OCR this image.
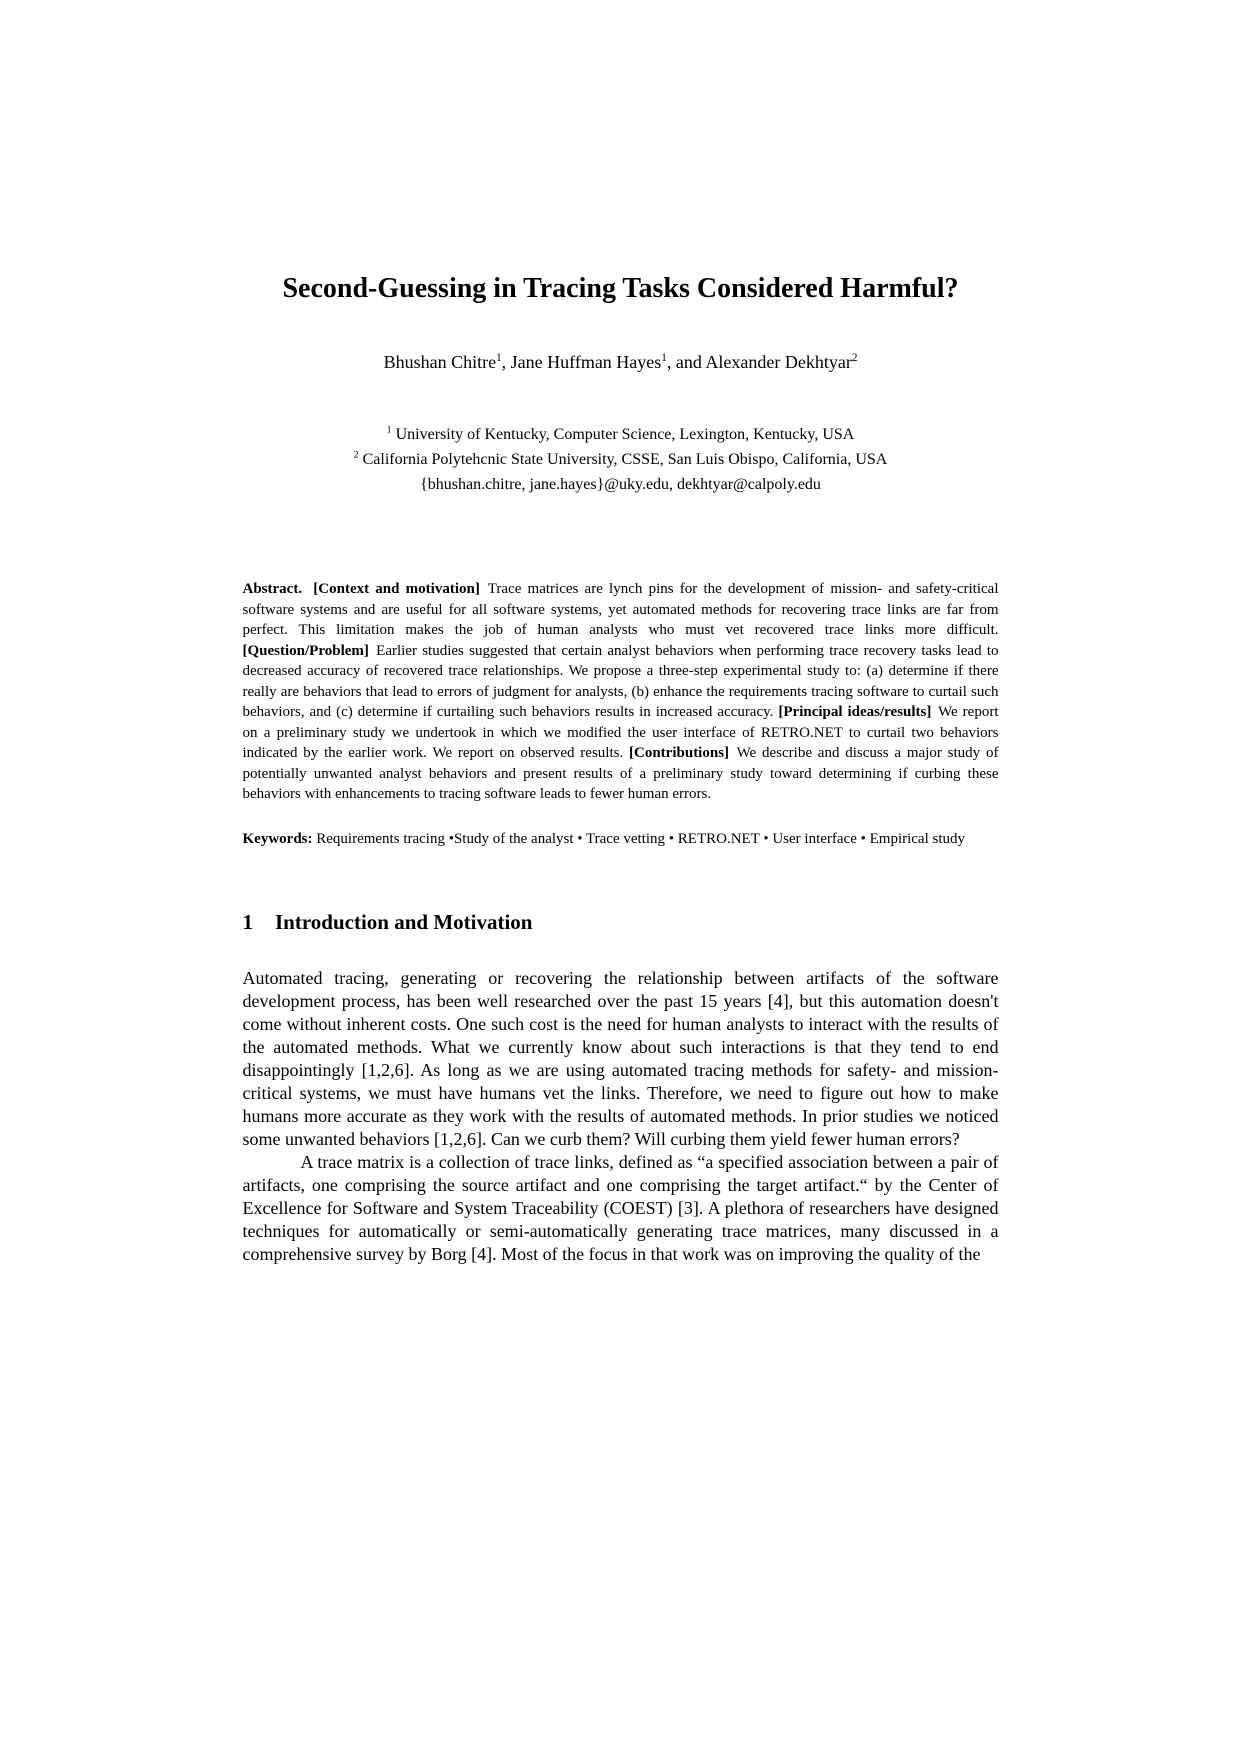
Second-Guessing in Tracing Tasks Considered Harmful?
Bhushan Chitre$^1$, Jane Huffman Hayes$^1$, and Alexander Dekhtyar$^2$
$^1$ University of Kentucky, Computer Science, Lexington, Kentucky, USA
$^2$ California Polytehcnic State University, CSSE, San Luis Obispo, California, USA
{bhushan.chitre, jane.hayes}@uky.edu, dekhtyar@calpoly.edu

Abstract. [Context and motivation] Trace matrices are lynch pins for the development of mission- and safety-critical software systems and are useful for all software systems, yet automated methods for recovering trace links are far from perfect. This limitation makes the job of human analysts who must vet recovered trace links more difficult. [Question/Problem] Earlier studies suggested that certain analyst behaviors when performing trace recovery tasks lead to decreased accuracy of recovered trace relationships. We propose a three-step experimental study to: (a) determine if there really are behaviors that lead to errors of judgment for analysts, (b) enhance the requirements tracing software to curtail such behaviors, and (c) determine if curtailing such behaviors results in increased accuracy. [Principal ideas/results] We report on a preliminary study we undertook in which we modified the user interface of RETRO.NET to curtail two behaviors indicated by the earlier work. We report on observed results. [Contributions] We describe and discuss a major study of potentially unwanted analyst behaviors and present results of a preliminary study toward determining if curbing these behaviors with enhancements to tracing software leads to fewer human errors.

Keywords: Requirements tracing •Study of the analyst • Trace vetting • RETRO.NET • User interface • Empirical study

1 Introduction and Motivation

Automated tracing, generating or recovering the relationship between artifacts of the software development process, has been well researched over the past 15 years [4], but this automation doesn't come without inherent costs. One such cost is the need for human analysts to interact with the results of the automated methods. What we currently know about such interactions is that they tend to end disappointingly [1,2,6]. As long as we are using automated tracing methods for safety- and mission-critical systems, we must have humans vet the links. Therefore, we need to figure out how to make humans more accurate as they work with the results of automated methods. In prior studies we noticed some unwanted behaviors [1,2,6]. Can we curb them? Will curbing them yield fewer human errors?

A trace matrix is a collection of trace links, defined as “a specified association between a pair of artifacts, one comprising the source artifact and one comprising the target artifact.“ by the Center of Excellence for Software and System Traceability (COEST) [3]. A plethora of researchers have designed techniques for automatically or semi-automatically generating trace matrices, many discussed in a comprehensive survey by Borg [4]. Most of the focus in that work was on improving the quality of the
